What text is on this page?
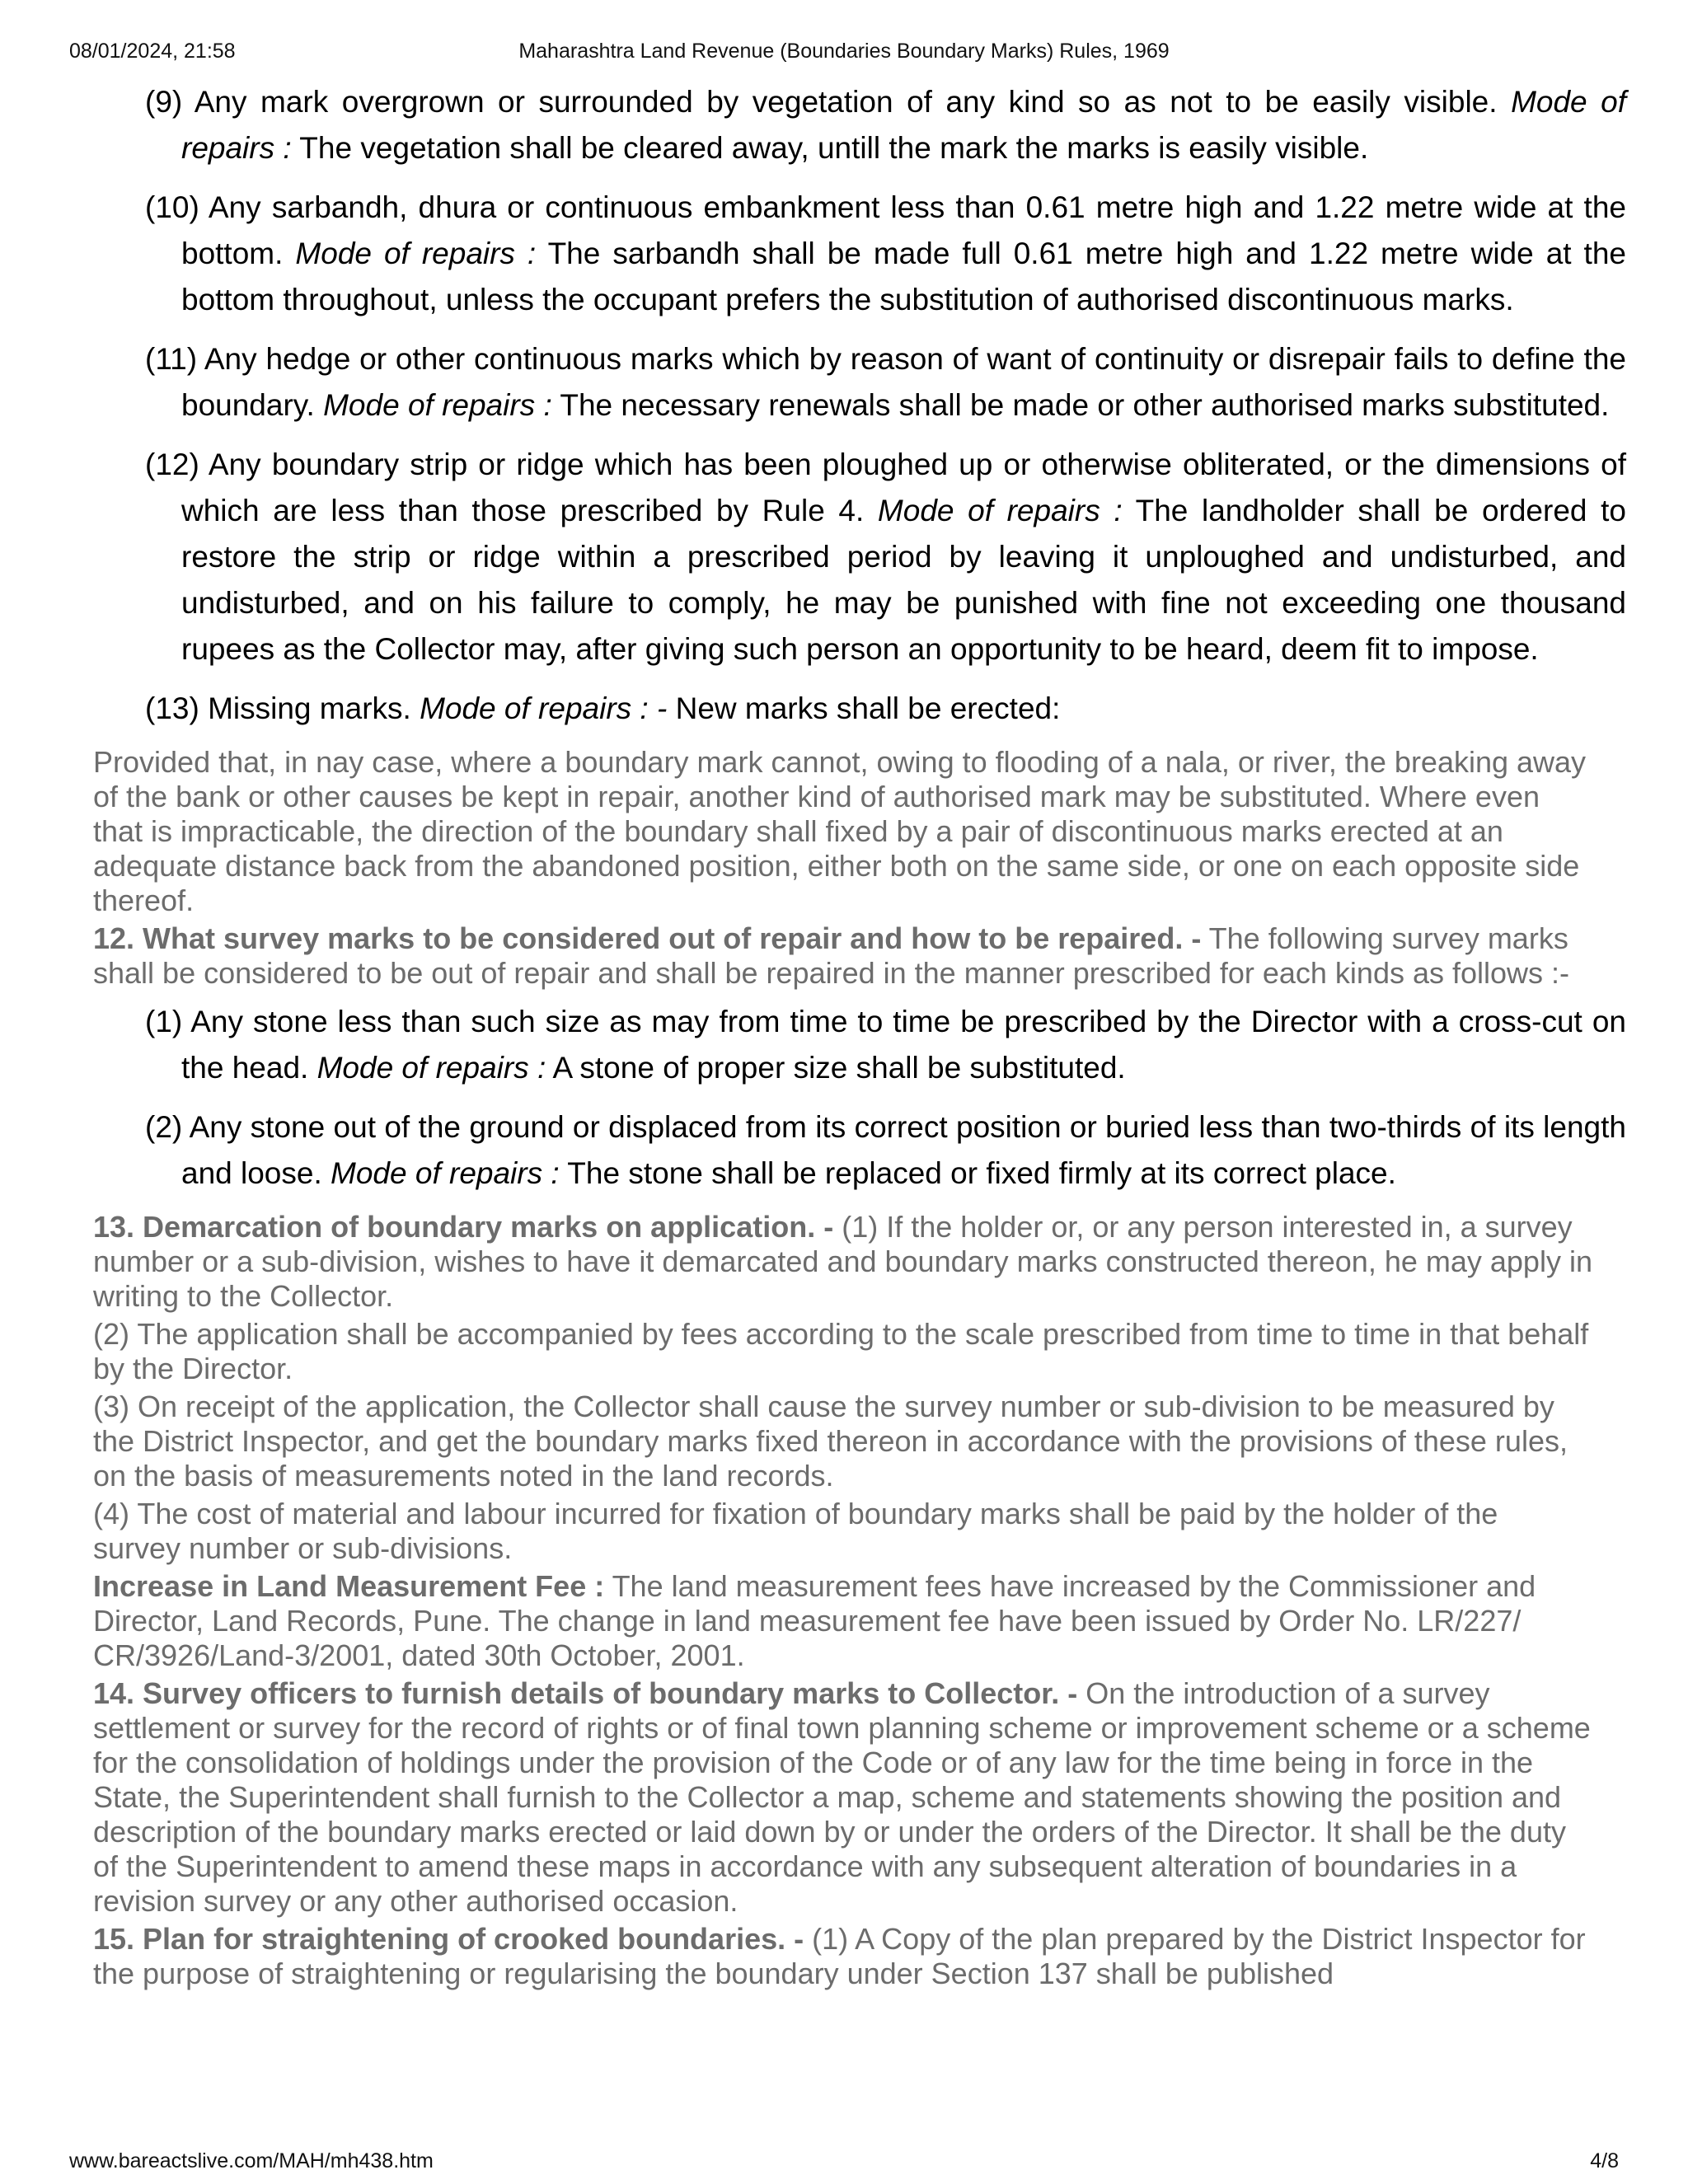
08/01/2024, 21:58	Maharashtra Land Revenue (Boundaries Boundary Marks) Rules, 1969
(9) Any mark overgrown or surrounded by vegetation of any kind so as not to be easily visible. Mode of repairs : The vegetation shall be cleared away, untill the mark the marks is easily visible.
(10) Any sarbandh, dhura or continuous embankment less than 0.61 metre high and 1.22 metre wide at the bottom. Mode of repairs : The sarbandh shall be made full 0.61 metre high and 1.22 metre wide at the bottom throughout, unless the occupant prefers the substitution of authorised discontinuous marks.
(11) Any hedge or other continuous marks which by reason of want of continuity or disrepair fails to define the boundary. Mode of repairs : The necessary renewals shall be made or other authorised marks substituted.
(12) Any boundary strip or ridge which has been ploughed up or otherwise obliterated, or the dimensions of which are less than those prescribed by Rule 4. Mode of repairs : The landholder shall be ordered to restore the strip or ridge within a prescribed period by leaving it unploughed and undisturbed, and undisturbed, and on his failure to comply, he may be punished with fine not exceeding one thousand rupees as the Collector may, after giving such person an opportunity to be heard, deem fit to impose.
(13) Missing marks. Mode of repairs : - New marks shall be erected:
Provided that, in nay case, where a boundary mark cannot, owing to flooding of a nala, or river, the breaking away of the bank or other causes be kept in repair, another kind of authorised mark may be substituted. Where even that is impracticable, the direction of the boundary shall fixed by a pair of discontinuous marks erected at an adequate distance back from the abandoned position, either both on the same side, or one on each opposite side thereof.
12. What survey marks to be considered out of repair and how to be repaired. - The following survey marks shall be considered to be out of repair and shall be repaired in the manner prescribed for each kinds as follows :-
(1) Any stone less than such size as may from time to time be prescribed by the Director with a cross-cut on the head. Mode of repairs : A stone of proper size shall be substituted.
(2) Any stone out of the ground or displaced from its correct position or buried less than two-thirds of its length and loose. Mode of repairs : The stone shall be replaced or fixed firmly at its correct place.
13. Demarcation of boundary marks on application. - (1) If the holder or, or any person interested in, a survey number or a sub-division, wishes to have it demarcated and boundary marks constructed thereon, he may apply in writing to the Collector.
(2) The application shall be accompanied by fees according to the scale prescribed from time to time in that behalf by the Director.
(3) On receipt of the application, the Collector shall cause the survey number or sub-division to be measured by the District Inspector, and get the boundary marks fixed thereon in accordance with the provisions of these rules, on the basis of measurements noted in the land records.
(4) The cost of material and labour incurred for fixation of boundary marks shall be paid by the holder of the survey number or sub-divisions.
Increase in Land Measurement Fee : The land measurement fees have increased by the Commissioner and Director, Land Records, Pune. The change in land measurement fee have been issued by Order No. LR/227/ CR/3926/Land-3/2001, dated 30th October, 2001.
14. Survey officers to furnish details of boundary marks to Collector. - On the introduction of a survey settlement or survey for the record of rights or of final town planning scheme or improvement scheme or a scheme for the consolidation of holdings under the provision of the Code or of any law for the time being in force in the State, the Superintendent shall furnish to the Collector a map, scheme and statements showing the position and description of the boundary marks erected or laid down by or under the orders of the Director. It shall be the duty of the Superintendent to amend these maps in accordance with any subsequent alteration of boundaries in a revision survey or any other authorised occasion.
15. Plan for straightening of crooked boundaries. - (1) A Copy of the plan prepared by the District Inspector for the purpose of straightening or regularising the boundary under Section 137 shall be published
www.bareactslive.com/MAH/mh438.htm	4/8
